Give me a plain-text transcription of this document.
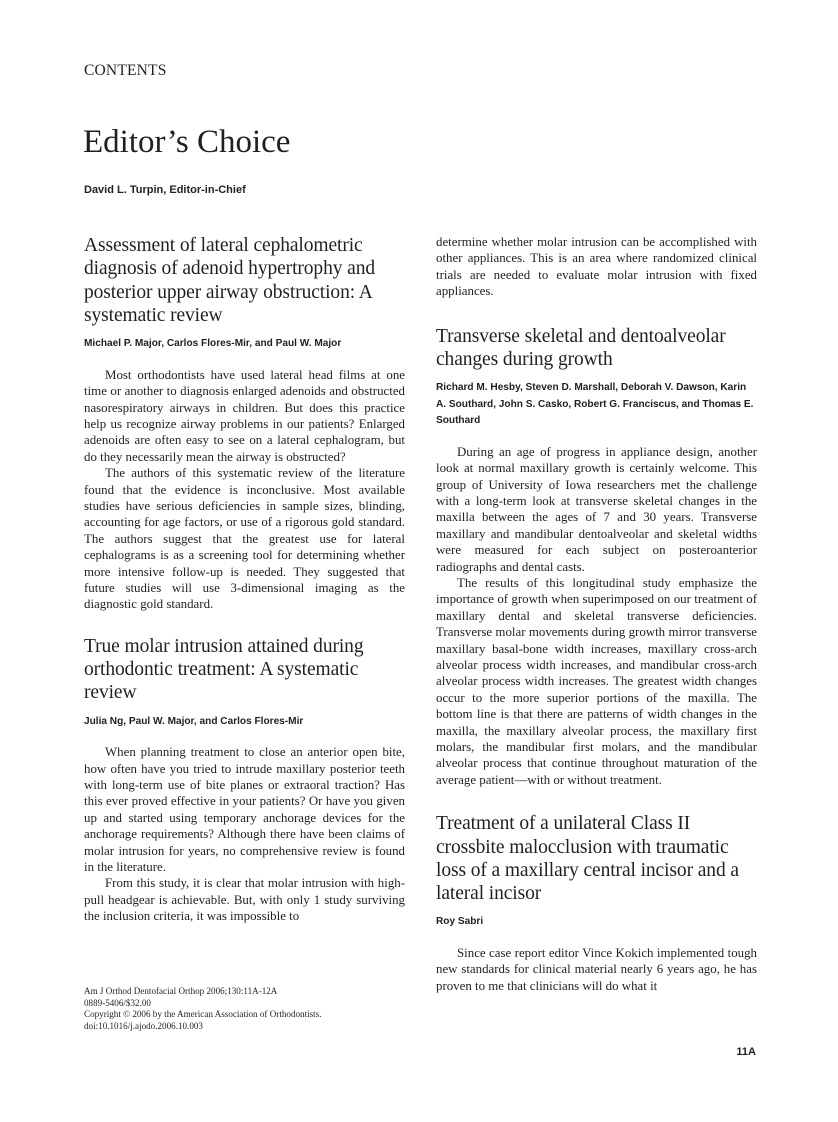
CONTENTS
Editor’s Choice
David L. Turpin, Editor-in-Chief
Assessment of lateral cephalometric diagnosis of adenoid hypertrophy and posterior upper airway obstruction: A systematic review
Michael P. Major, Carlos Flores-Mir, and Paul W. Major

Most orthodontists have used lateral head films at one time or another to diagnosis enlarged adenoids and obstructed nasorespiratory airways in children. But does this practice help us recognize airway problems in our patients? Enlarged adenoids are often easy to see on a lateral cephalogram, but do they necessarily mean the airway is obstructed?

The authors of this systematic review of the literature found that the evidence is inconclusive. Most available studies have serious deficiencies in sample sizes, blinding, accounting for age factors, or use of a rigorous gold standard. The authors suggest that the greatest use for lateral cephalograms is as a screening tool for determining whether more intensive follow-up is needed. They suggested that future studies will use 3-dimensional imaging as the diagnostic gold standard.

True molar intrusion attained during orthodontic treatment: A systematic review
Julia Ng, Paul W. Major, and Carlos Flores-Mir

When planning treatment to close an anterior open bite, how often have you tried to intrude maxillary posterior teeth with long-term use of bite planes or extraoral traction? Has this ever proved effective in your patients? Or have you given up and started using temporary anchorage devices for the anchorage requirements? Although there have been claims of molar intrusion for years, no comprehensive review is found in the literature.

From this study, it is clear that molar intrusion with high-pull headgear is achievable. But, with only 1 study surviving the inclusion criteria, it was impossible to

Am J Orthod Dentofacial Orthop 2006;130:11A-12A
0889-5406/$32.00
Copyright © 2006 by the American Association of Orthodontists.
doi:10.1016/j.ajodo.2006.10.003

determine whether molar intrusion can be accomplished with other appliances. This is an area where randomized clinical trials are needed to evaluate molar intrusion with fixed appliances.

Transverse skeletal and dentoalveolar changes during growth
Richard M. Hesby, Steven D. Marshall, Deborah V. Dawson, Karin A. Southard, John S. Casko, Robert G. Franciscus, and Thomas E. Southard

During an age of progress in appliance design, another look at normal maxillary growth is certainly welcome. This group of University of Iowa researchers met the challenge with a long-term look at transverse skeletal changes in the maxilla between the ages of 7 and 30 years. Transverse maxillary and mandibular dentoalveolar and skeletal widths were measured for each subject on posteroanterior radiographs and dental casts.

The results of this longitudinal study emphasize the importance of growth when superimposed on our treatment of maxillary dental and skeletal transverse deficiencies. Transverse molar movements during growth mirror transverse maxillary basal-bone width increases, maxillary cross-arch alveolar process width increases, and mandibular cross-arch alveolar process width increases. The greatest width changes occur to the more superior portions of the maxilla. The bottom line is that there are patterns of width changes in the maxilla, the maxillary alveolar process, the maxillary first molars, the mandibular first molars, and the mandibular alveolar process that continue throughout maturation of the average patient—with or without treatment.

Treatment of a unilateral Class II crossbite malocclusion with traumatic loss of a maxillary central incisor and a lateral incisor
Roy Sabri

Since case report editor Vince Kokich implemented tough new standards for clinical material nearly 6 years ago, he has proven to me that clinicians will do what it

11A
